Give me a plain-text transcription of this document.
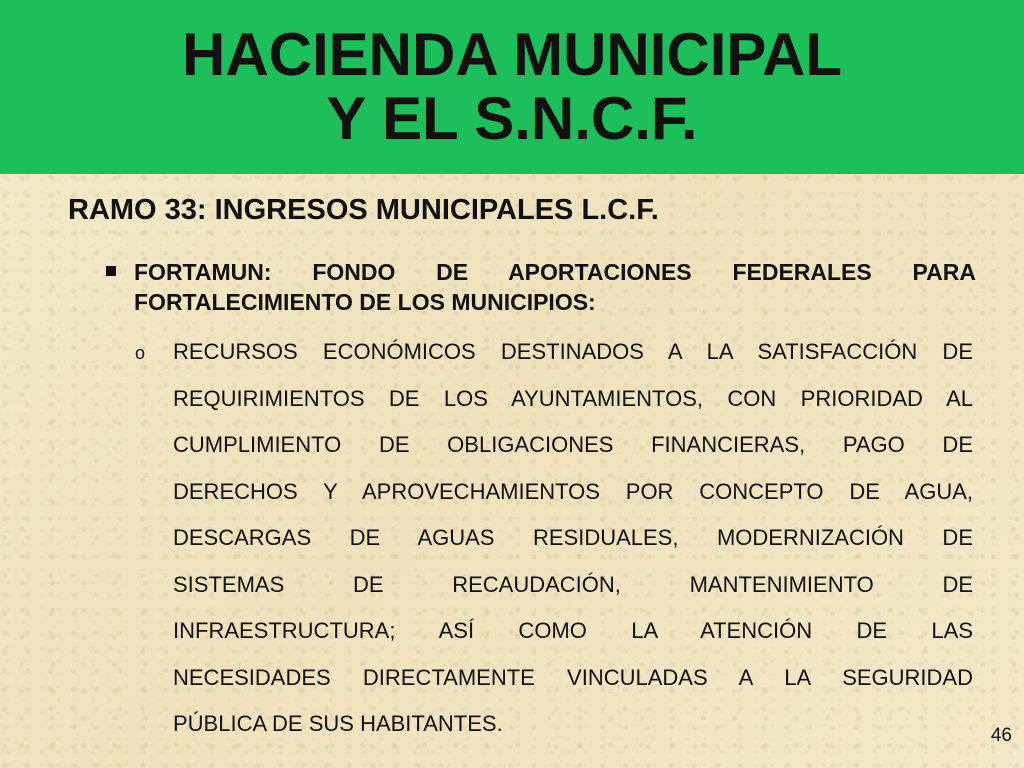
HACIENDA MUNICIPAL
Y EL S.N.C.F.
RAMO 33: INGRESOS MUNICIPALES L.C.F.
FORTAMUN: FONDO DE APORTACIONES FEDERALES PARA FORTALECIMIENTO DE LOS MUNICIPIOS:
o RECURSOS ECONÓMICOS DESTINADOS A LA SATISFACCIÓN DE
REQUIRIMIENTOS DE LOS AYUNTAMIENTOS, CON PRIORIDAD AL
CUMPLIMIENTO DE OBLIGACIONES FINANCIERAS, PAGO DE
DERECHOS Y APROVECHAMIENTOS POR CONCEPTO DE AGUA,
DESCARGAS DE AGUAS RESIDUALES, MODERNIZACIÓN DE
SISTEMAS DE RECAUDACIÓN, MANTENIMIENTO DE
INFRAESTRUCTURA; ASÍ COMO LA ATENCIÓN DE LAS
NECESIDADES DIRECTAMENTE VINCULADAS A LA SEGURIDAD
PÚBLICA DE SUS HABITANTES.	46
